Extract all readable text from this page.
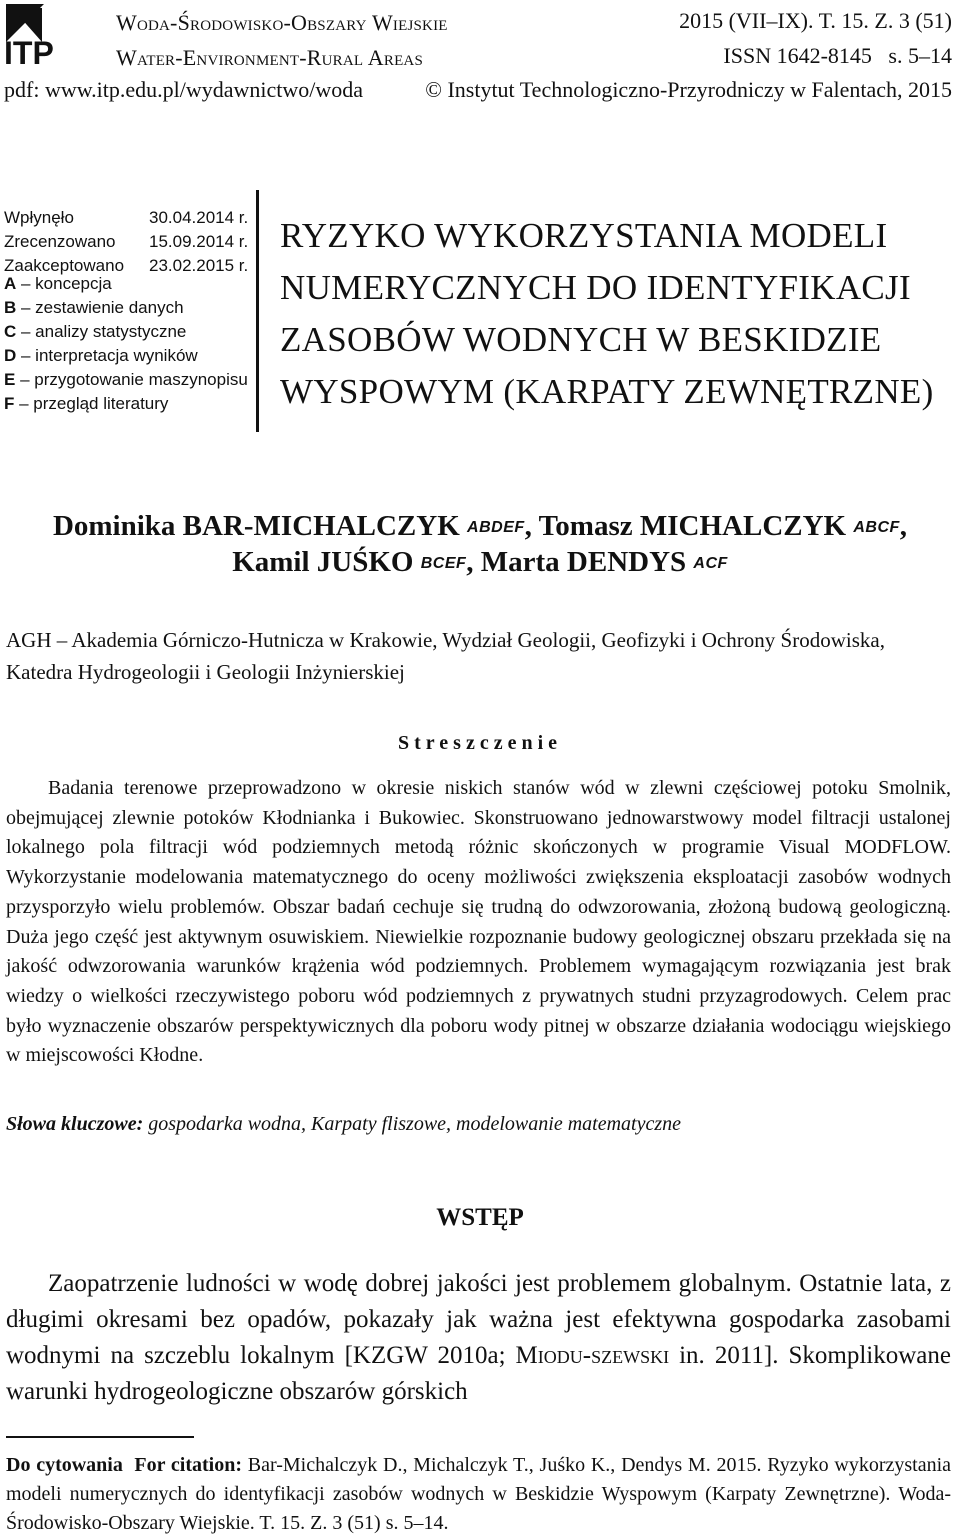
ITP
Woda-Środowisko-Obszary Wiejskie
Water-Environment-Rural Areas
2015 (VII–IX). T. 15. Z. 3 (51)
ISSN 1642-8145   s. 5–14
pdf: www.itp.edu.pl/wydawnictwo/woda	© Instytut Technologiczno-Przyrodniczy w Falentach, 2015
Wpłynęło	30.04.2014 r.
Zrecenzowano	15.09.2014 r.
Zaakceptowano	23.02.2015 r.
A – koncepcja
B – zestawienie danych
C – analizy statystyczne
D – interpretacja wyników
E – przygotowanie maszynopisu
F – przegląd literatury
RYZYKO WYKORZYSTANIA MODELI
NUMERYCZNYCH DO IDENTYFIKACJI
ZASOBÓW WODNYCH W BESKIDZIE
WYSPOWYM (KARPATY ZEWNĘTRZNE)
Dominika BAR-MICHALCZYK $^{ABDEF}$, Tomasz MICHALCZYK $^{ABCF}$,
Kamil JUŚKO $^{BCEF}$, Marta DENDYS $^{ACF}$
AGH – Akademia Górniczo-Hutnicza w Krakowie, Wydział Geologii, Geofizyki i Ochrony Środowiska, Katedra Hydrogeologii i Geologii Inżynierskiej
Streszczenie
Badania terenowe przeprowadzono w okresie niskich stanów wód w zlewni częściowej potoku Smolnik, obejmującej zlewnie potoków Kłodnianka i Bukowiec. Skonstruowano jednowarstwowy model filtracji ustalonej lokalnego pola filtracji wód podziemnych metodą różnic skończonych w programie Visual MODFLOW. Wykorzystanie modelowania matematycznego do oceny możliwości zwiększenia eksploatacji zasobów wodnych przysporzyło wielu problemów. Obszar badań cechuje się trudną do odwzorowania, złożoną budową geologiczną. Duża jego część jest aktywnym osuwiskiem. Niewielkie rozpoznanie budowy geologicznej obszaru przekłada się na jakość odwzorowania warunków krążenia wód podziemnych. Problemem wymagającym rozwiązania jest brak wiedzy o wielkości rzeczywistego poboru wód podziemnych z prywatnych studni przyzagrodowych. Celem prac było wyznaczenie obszarów perspektywicznych dla poboru wody pitnej w obszarze działania wodociągu wiejskiego w miejscowości Kłodne.
Słowa kluczowe: gospodarka wodna, Karpaty fliszowe, modelowanie matematyczne
WSTĘP
Zaopatrzenie ludności w wodę dobrej jakości jest problemem globalnym. Ostatnie lata, z długimi okresami bez opadów, pokazały jak ważna jest efektywna gospodarka zasobami wodnymi na szczeblu lokalnym [KZGW 2010a; Miodu-szewski in. 2011]. Skomplikowane warunki hydrogeologiczne obszarów górskich
Do cytowania For citation: Bar-Michalczyk D., Michalczyk T., Juśko K., Dendys M. 2015. Ryzyko wykorzystania modeli numerycznych do identyfikacji zasobów wodnych w Beskidzie Wyspowym (Karpaty Zewnętrzne). Woda-Środowisko-Obszary Wiejskie. T. 15. Z. 3 (51) s. 5–14.
